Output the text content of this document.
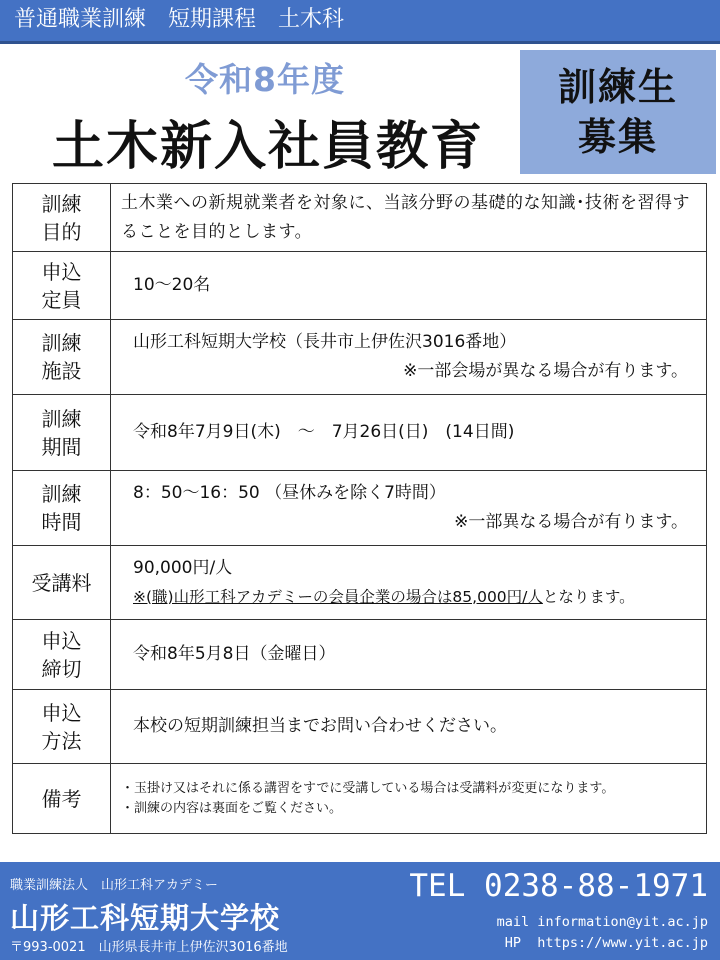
普通職業訓練　短期課程　土木科
令和8年度
土木新入社員教育
訓練生
募集
訓練目的	土木業への新規就業者を対象に、当該分野の基礎的な知識･技術を習得することを目的とします。

申込定員	10～20名

訓練施設	山形工科短期大学校（長井市上伊佐沢3016番地）
※一部会場が異なる場合が有ります。

訓練期間	令和8年7月9日(木)　～　7月26日(日)　(14日間)

訓練時間	8：50～16：50 （昼休みを除く7時間）
※一部異なる場合が有ります。

受講料	90,000円/人
※(職)山形工科アカデミーの会員企業の場合は85,000円/人となります。

申込締切	令和8年5月8日（金曜日）

申込方法	本校の短期訓練担当までお問い合わせください。

備考	・玉掛け又はそれに係る講習をすでに受講している場合は受講料が変更になります。
・訓練の内容は裏面をご覧ください。
職業訓練法人　山形工科アカデミー
山形工科短期大学校
〒993-0021　山形県長井市上伊佐沢3016番地
TEL 0238-88-1971
mail information@yit.ac.jp
HP  https://www.yit.ac.jp
